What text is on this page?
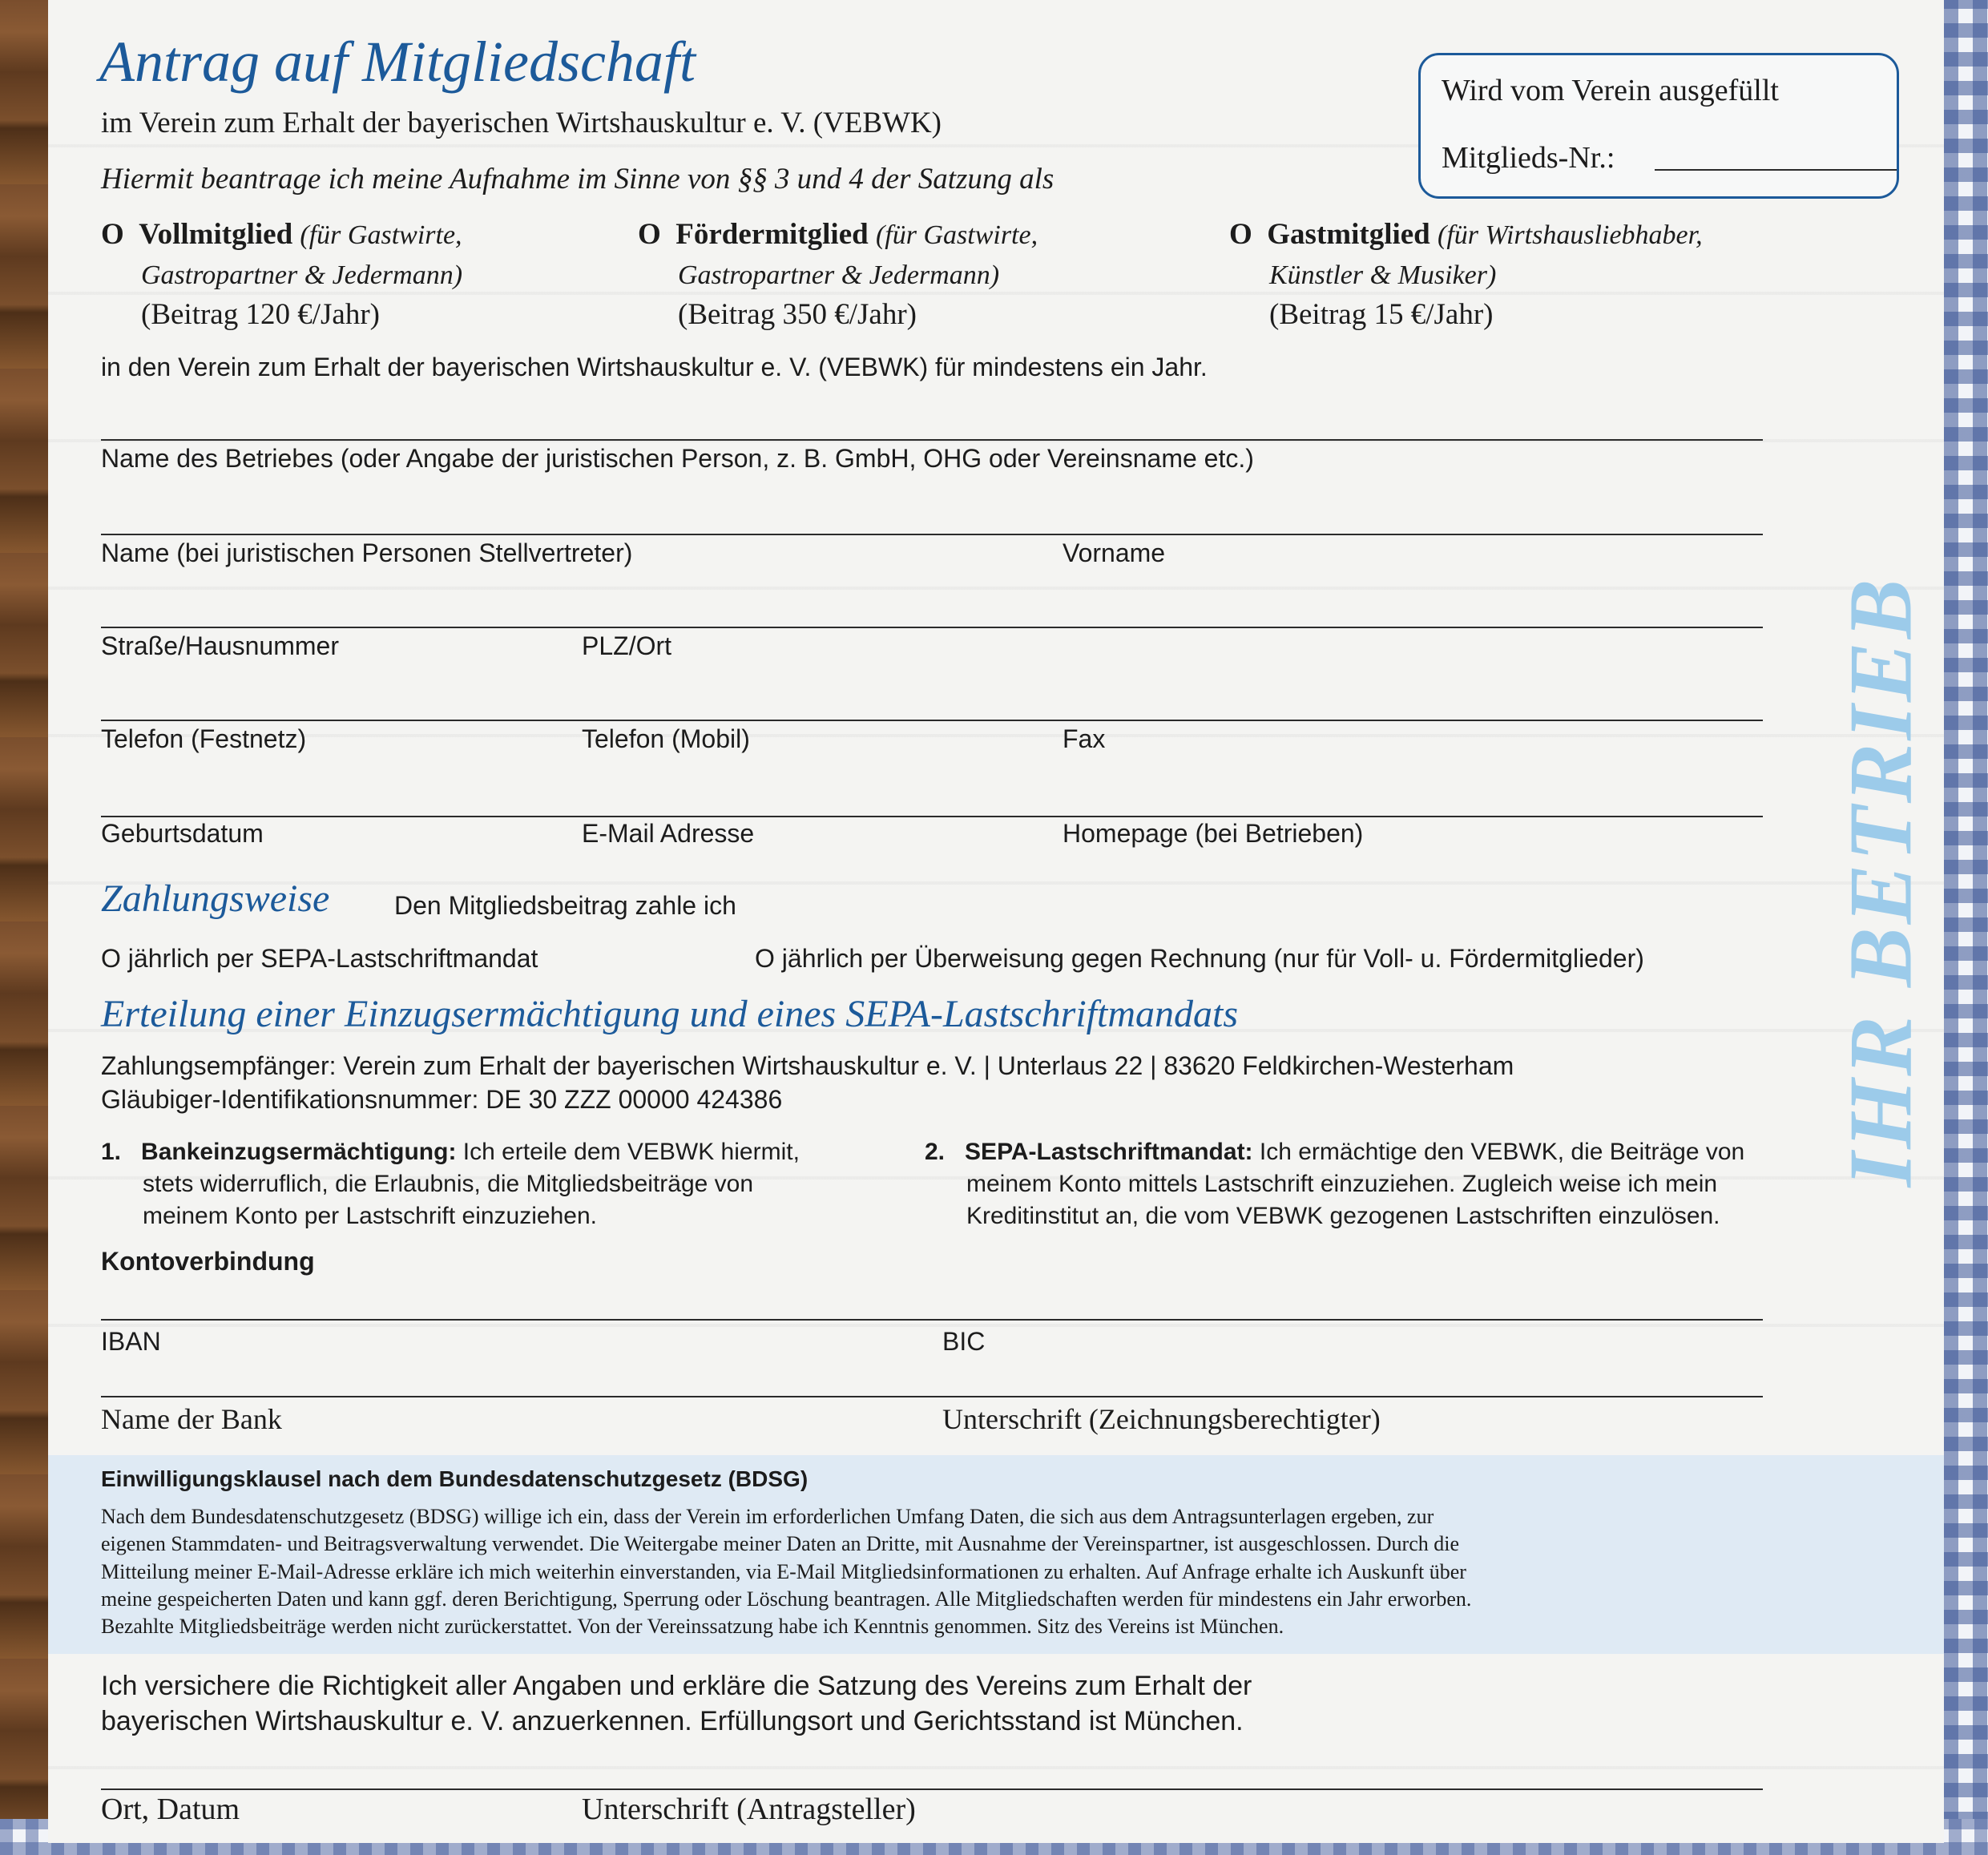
Antrag auf Mitgliedschaft
im Verein zum Erhalt der bayerischen Wirtshauskultur e. V. (VEBWK)
Hiermit beantrage ich meine Aufnahme im Sinne von §§ 3 und 4 der Satzung als
Wird vom Verein ausgefüllt
Mitglieds-Nr.:
O Vollmitglied (für Gastwirte,
Gastropartner & Jedermann)
(Beitrag 120 €/Jahr)
O Fördermitglied (für Gastwirte,
Gastropartner & Jedermann)
(Beitrag 350 €/Jahr)
O Gastmitglied (für Wirtshausliebhaber,
Künstler & Musiker)
(Beitrag 15 €/Jahr)
in den Verein zum Erhalt der bayerischen Wirtshauskultur e. V. (VEBWK) für mindestens ein Jahr.
IHR BETRIEB
Name des Betriebes (oder Angabe der juristischen Person, z. B. GmbH, OHG oder Vereinsname etc.)
Name (bei juristischen Personen Stellvertreter)	Vorname
Straße/Hausnummer	PLZ/Ort
Telefon (Festnetz)	Telefon (Mobil)	Fax
Geburtsdatum	E-Mail Adresse	Homepage (bei Betrieben)
Zahlungsweise	Den Mitgliedsbeitrag zahle ich
O jährlich per SEPA-Lastschriftmandat	O jährlich per Überweisung gegen Rechnung (nur für Voll- u. Fördermitglieder)
Erteilung einer Einzugsermächtigung und eines SEPA-Lastschriftmandats
Zahlungsempfänger: Verein zum Erhalt der bayerischen Wirtshauskultur e. V. | Unterlaus 22 | 83620 Feldkirchen-Westerham
Gläubiger-Identifikationsnummer: DE 30 ZZZ 00000 424386
1. Bankeinzugsermächtigung: Ich erteile dem VEBWK hiermit,
stets widerruflich, die Erlaubnis, die Mitgliedsbeiträge von
meinem Konto per Lastschrift einzuziehen.
2. SEPA-Lastschriftmandat: Ich ermächtige den VEBWK, die Beiträge von
meinem Konto mittels Lastschrift einzuziehen. Zugleich weise ich mein
Kreditinstitut an, die vom VEBWK gezogenen Lastschriften einzulösen.
Kontoverbindung
IBAN	BIC
Name der Bank	Unterschrift (Zeichnungsberechtigter)
Einwilligungsklausel nach dem Bundesdatenschutzgesetz (BDSG)
Nach dem Bundesdatenschutzgesetz (BDSG) willige ich ein, dass der Verein im erforderlichen Umfang Daten, die sich aus dem Antragsunterlagen ergeben, zur
eigenen Stammdaten- und Beitragsverwaltung verwendet. Die Weitergabe meiner Daten an Dritte, mit Ausnahme der Vereinspartner, ist ausgeschlossen. Durch die
Mitteilung meiner E-Mail-Adresse erkläre ich mich weiterhin einverstanden, via E-Mail Mitgliedsinformationen zu erhalten. Auf Anfrage erhalte ich Auskunft über
meine gespeicherten Daten und kann ggf. deren Berichtigung, Sperrung oder Löschung beantragen. Alle Mitgliedschaften werden für mindestens ein Jahr erworben.
Bezahlte Mitgliedsbeiträge werden nicht zurückerstattet. Von der Vereinssatzung habe ich Kenntnis genommen. Sitz des Vereins ist München.
Ich versichere die Richtigkeit aller Angaben und erkläre die Satzung des Vereins zum Erhalt der
bayerischen Wirtshauskultur e. V. anzuerkennen. Erfüllungsort und Gerichtsstand ist München.
Ort, Datum	Unterschrift (Antragsteller)
